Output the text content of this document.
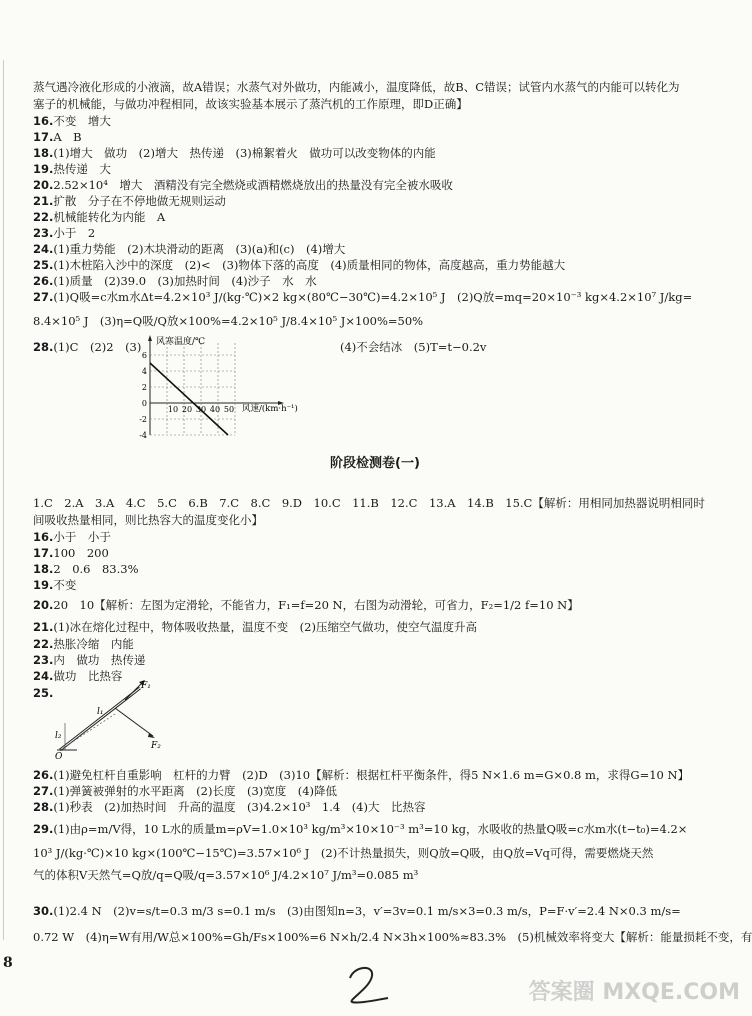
蒸气遇冷液化形成的小液滴，故A错误；水蒸气对外做功，内能减小，温度降低，故B、C错误；试管内水蒸气的内能可以转化为
塞子的机械能，与做功冲程相同，故该实验基本展示了蒸汽机的工作原理，即D正确】
16.不变　增大
17.A　B
18.(1)增大　做功　(2)增大　热传递　(3)棉絮着火　做功可以改变物体的内能
19.热传递　大
20.2.52×10⁴　增大　酒精没有完全燃烧或酒精燃烧放出的热量没有完全被水吸收
21.扩散　分子在不停地做无规则运动
22.机械能转化为内能　A
23.小于　2
24.(1)重力势能　(2)木块滑动的距离　(3)(a)和(c)　(4)增大
25.(1)木桩陷入沙中的深度　(2)<　(3)物体下落的高度　(4)质量相同的物体，高度越高，重力势能越大
26.(1)质量　(2)39.0　(3)加热时间　(4)沙子　水　水
27.(1)Q吸=c水m水Δt=4.2×10³ J/(kg·℃)×2 kg×(80℃−30℃)=4.2×10⁵ J　(2)Q放=mq=20×10⁻³ kg×4.2×10⁷ J/kg=
8.4×10⁵ J　(3)η=Q吸/Q放×100%=4.2×10⁵ J/8.4×10⁵ J×100%=50%
28.(1)C　(2)2　(3)
1.C　2.A　3.A　4.C　5.C　6.B　7.C　8.C　9.D　10.C　11.B　12.C　13.A　14.B　15.C【解析：用相同加热器说明相同时
间吸收热量相同，则比热容大的温度变化小】
16.小于　小于
17.100　200
18.2　0.6　83.3%
19.不变
20.20　10【解析：左图为定滑轮，不能省力，F₁=f=20 N，右图为动滑轮，可省力，F₂=1/2 f=10 N】
21.(1)冰在熔化过程中，物体吸收热量，温度不变　(2)压缩空气做功，使空气温度升高
22.热胀冷缩　内能
23.内　做功　热传递
24.做功　比热容
25.
26.(1)避免杠杆自重影响　杠杆的力臂　(2)D　(3)10【解析：根据杠杆平衡条件，得5 N×1.6 m=G×0.8 m，求得G=10 N】
27.(1)弹簧被弹射的水平距离　(2)长度　(3)宽度　(4)降低
28.(1)秒表　(2)加热时间　升高的温度　(3)4.2×10³　1.4　(4)大　比热容
29.(1)由ρ=m/V得，10 L水的质量m=ρV=1.0×10³ kg/m³×10×10⁻³ m³=10 kg，水吸收的热量Q吸=c水m水(t−t₀)=4.2×
10³ J/(kg·℃)×10 kg×(100℃−15℃)=3.57×10⁶ J　(2)不计热量损失，则Q放=Q吸，由Q放=Vq可得，需要燃烧天然
气的体积V天然气=Q放/q=Q吸/q=3.57×10⁶ J/4.2×10⁷ J/m³=0.085 m³
30.(1)2.4 N　(2)v=s/t=0.3 m/3 s=0.1 m/s　(3)由图知n=3，v′=3v=0.1 m/s×3=0.3 m/s，P=F·v′=2.4 N×0.3 m/s=
0.72 W　(4)η=W有用/W总×100%=Gh/Fs×100%=6 N×h/2.4 N×3h×100%≈83.3%　(5)机械效率将变大【解析：能量损耗不变，有
(4)不会结冰　(5)T=t−0.2v
阶段检测卷(一)
风寒温度/℃
风速/(km·h⁻¹)
6
4
2
0
-2
-4
10 20 30 40 50
F₁
F₂
l₁
l₂
O
8
答案圈 MXQE.COM
